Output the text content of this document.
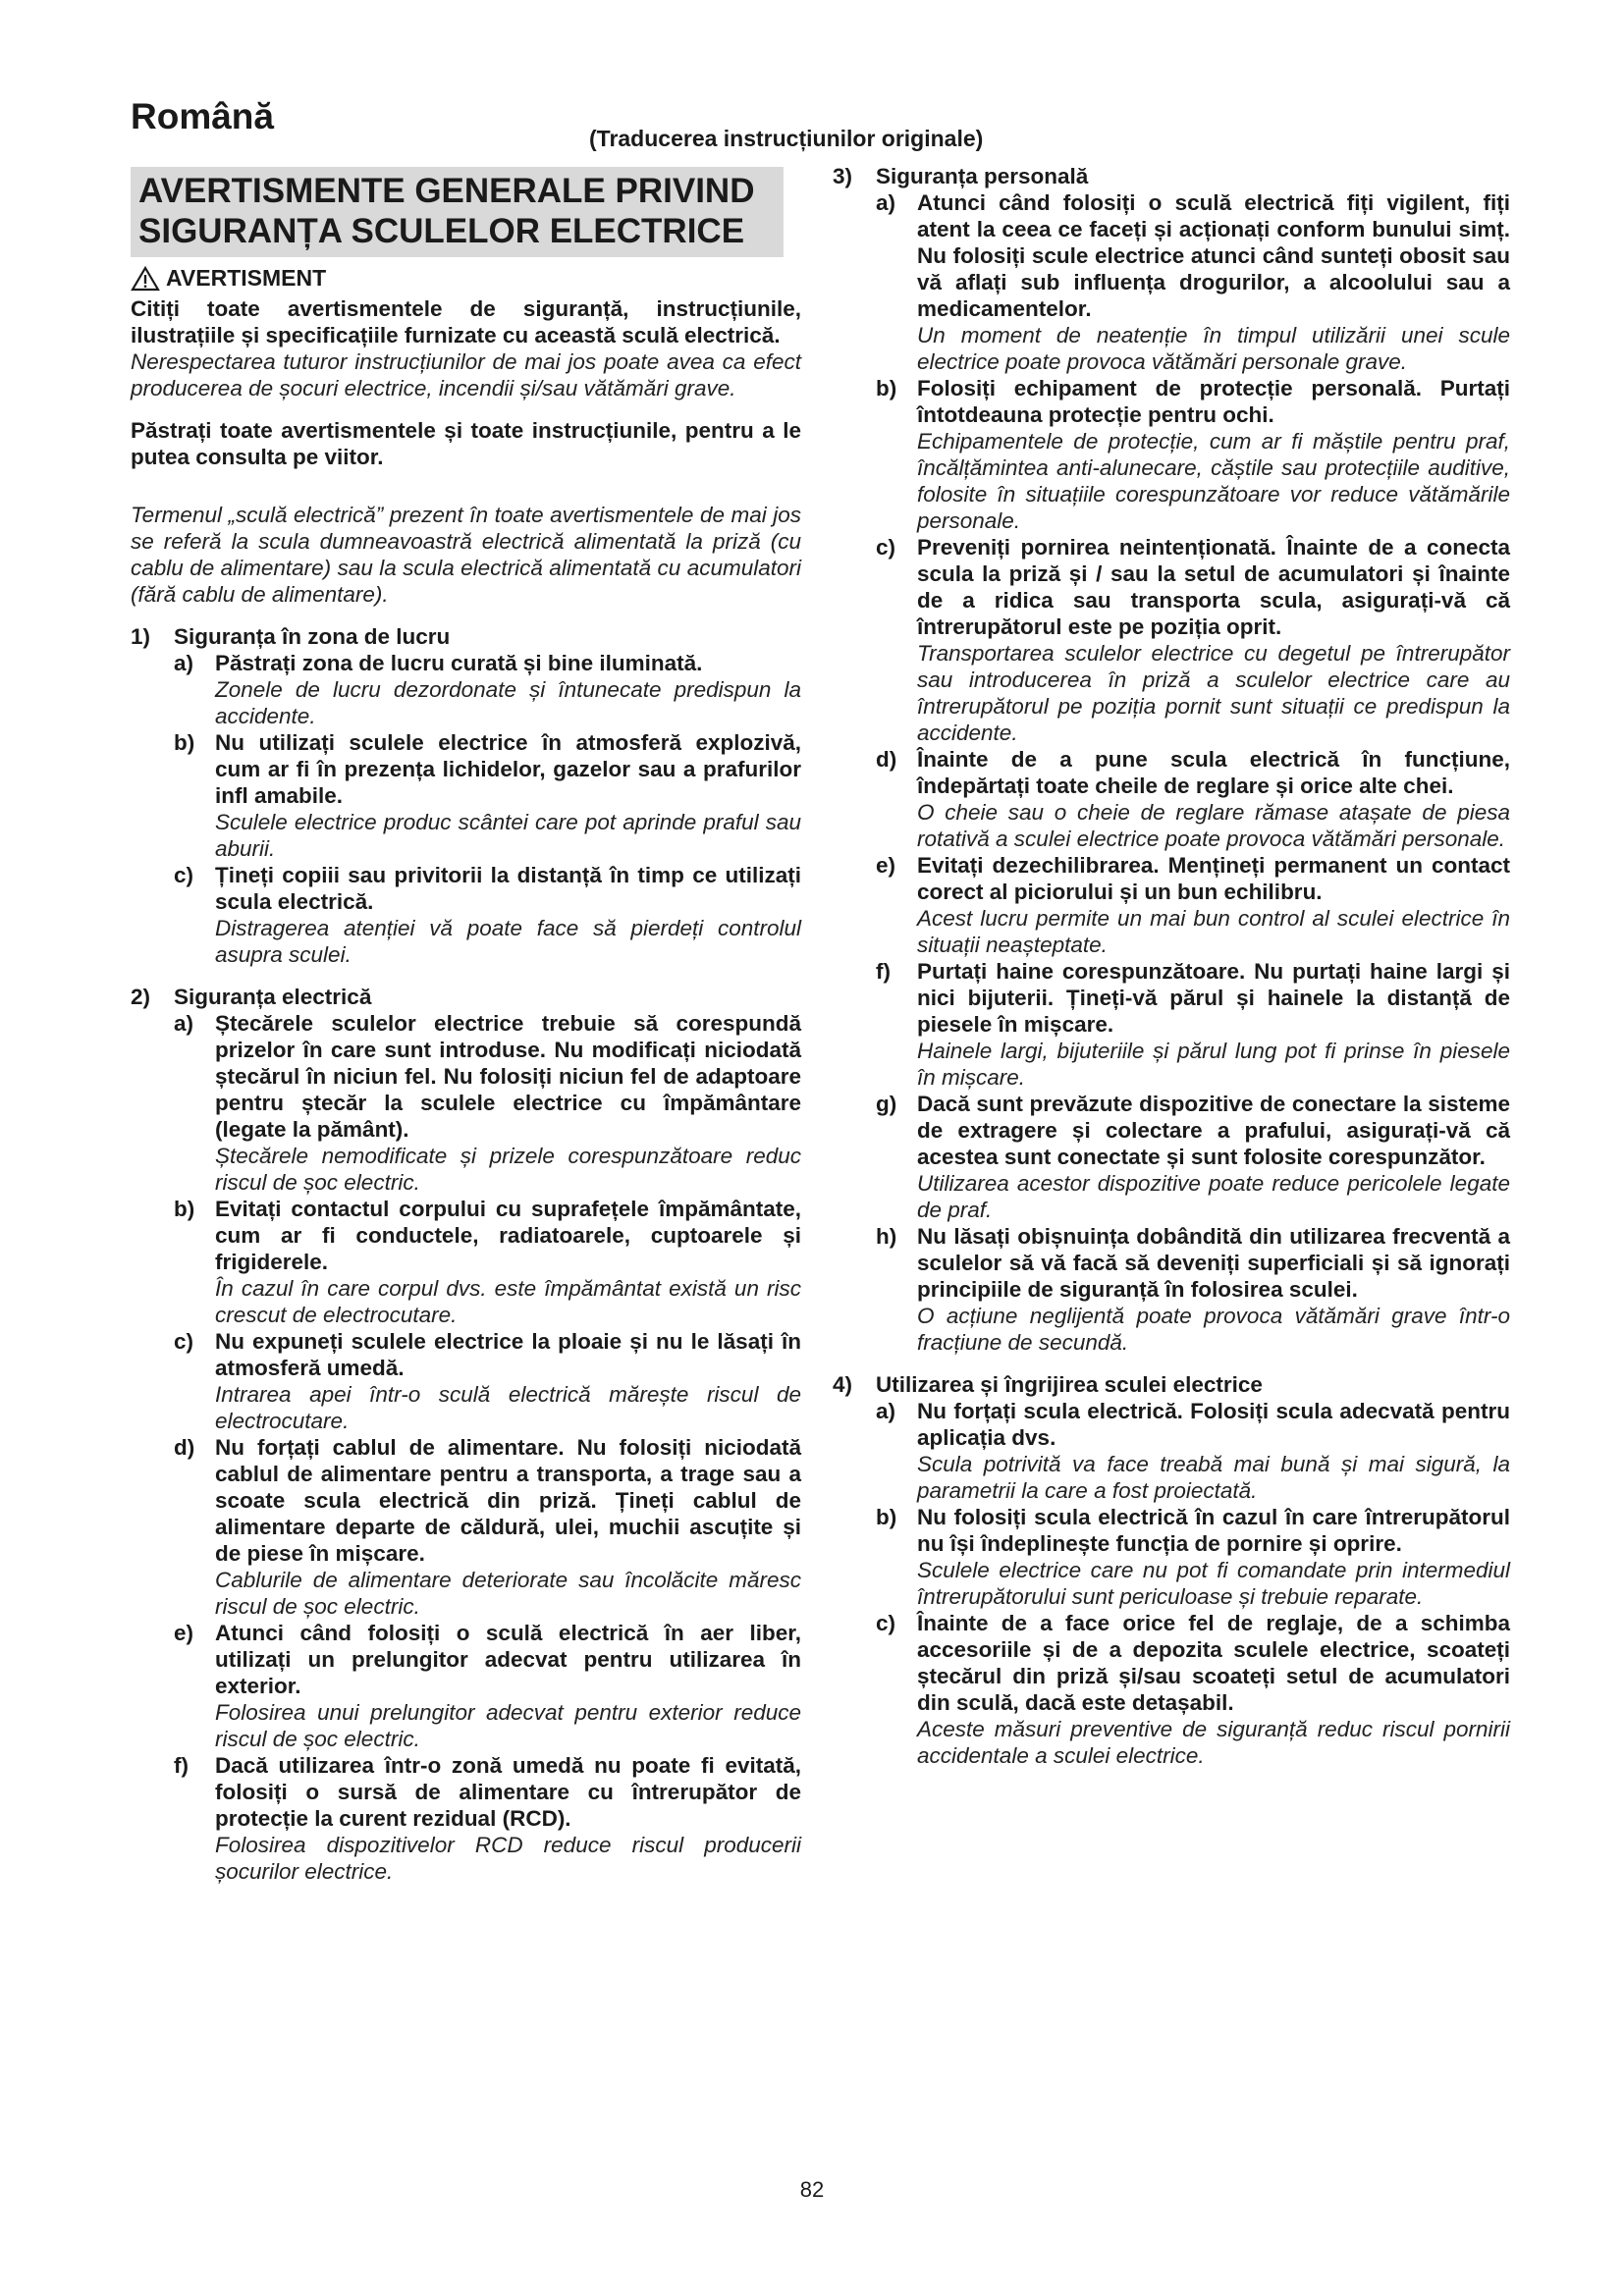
Română
(Traducerea instrucțiunilor originale)
AVERTISMENTE GENERALE PRIVIND
SIGURANȚA SCULELOR ELECTRICE
AVERTISMENT

Citiți toate avertismentele de siguranță, instrucțiunile, ilustrațiile și specificațiile furnizate cu această sculă electrică.

Nerespectarea tuturor instrucțiunilor de mai jos poate avea ca efect producerea de șocuri electrice, incendii și/sau vătămări grave.

Păstrați toate avertismentele și toate instrucțiunile, pentru a le putea consulta pe viitor.

Termenul „sculă electrică” prezent în toate avertismentele de mai jos se referă la scula dumneavoastră electrică alimentată la priză (cu cablu de alimentare) sau la scula electrică alimentată cu acumulatori (fără cablu de alimentare).

1)	Siguranța în zona de lucru
a) Păstrați zona de lucru curată și bine iluminată.

Zonele de lucru dezordonate și întunecate predispun la accidente.

b) Nu utilizați sculele electrice în atmosferă explozivă, cum ar fi în prezența lichidelor, gazelor sau a prafurilor infl amabile.

Sculele electrice produc scântei care pot aprinde praful sau aburii.

c) Țineți copiii sau privitorii la distanță în timp ce utilizați scula electrică.

Distragerea atenției vă poate face să pierdeți controlul asupra sculei.

2)	Siguranța electrică
a) Ștecărele sculelor electrice trebuie să corespundă prizelor în care sunt introduse. Nu modificați niciodată ștecărul în niciun fel. Nu folosiți niciun fel de adaptoare pentru ștecăr la sculele electrice cu împământare (legate la pământ).

Ștecărele nemodificate și prizele corespunzătoare reduc riscul de șoc electric.

b) Evitați contactul corpului cu suprafețele împământate, cum ar fi conductele, radiatoarele, cuptoarele și frigiderele.

În cazul în care corpul dvs. este împământat există un risc crescut de electrocutare.

c) Nu expuneți sculele electrice la ploaie și nu le lăsați în atmosferă umedă.

Intrarea apei într-o sculă electrică mărește riscul de electrocutare.

d) Nu forțați cablul de alimentare. Nu folosiți niciodată cablul de alimentare pentru a transporta, a trage sau a scoate scula electrică din priză. Țineți cablul de alimentare departe de căldură, ulei, muchii ascuțite și de piese în mișcare.

Cablurile de alimentare deteriorate sau încolăcite măresc riscul de șoc electric.

e) Atunci când folosiți o sculă electrică în aer liber, utilizați un prelungitor adecvat pentru utilizarea în exterior.

Folosirea unui prelungitor adecvat pentru exterior reduce riscul de șoc electric.

f)	Dacă utilizarea într-o zonă umedă nu poate fi evitată, folosiți o sursă de alimentare cu întrerupător de protecție la curent rezidual (RCD).

Folosirea dispozitivelor RCD reduce riscul producerii șocurilor electrice.

3)	Siguranța personală
a) Atunci când folosiți o sculă electrică fiți vigilent, fiți atent la ceea ce faceți și acționați conform bunului simț. Nu folosiți scule electrice atunci când sunteți obosit sau vă aflați sub influența drogurilor, a alcoolului sau a medicamentelor.

Un moment de neatenție în timpul utilizării unei scule electrice poate provoca vătămări personale grave.

b) Folosiți echipament de protecție personală. Purtați întotdeauna protecție pentru ochi.

Echipamentele de protecție, cum ar fi măștile pentru praf, încălțămintea anti-alunecare, căștile sau protecțiile auditive, folosite în situațiile corespunzătoare vor reduce vătămările personale.

c) Preveniți pornirea neintenționată. Înainte de a conecta scula la priză și / sau la setul de acumulatori și înainte de a ridica sau transporta scula, asigurați-vă că întrerupătorul este pe poziția oprit.

Transportarea sculelor electrice cu degetul pe întrerupător sau introducerea în priză a sculelor electrice care au întrerupătorul pe poziția pornit sunt situații ce predispun la accidente.

d) Înainte de a pune scula electrică în funcțiune, îndepărtați toate cheile de reglare și orice alte chei.

O cheie sau o cheie de reglare rămase atașate de piesa rotativă a sculei electrice poate provoca vătămări personale.

e) Evitați dezechilibrarea. Mențineți permanent un contact corect al piciorului și un bun echilibru.

Acest lucru permite un mai bun control al sculei electrice în situații neașteptate.

f)	Purtați haine corespunzătoare. Nu purtați haine largi și nici bijuterii. Țineți-vă părul și hainele la distanță de piesele în mișcare.

Hainele largi, bijuteriile și părul lung pot fi prinse în piesele în mișcare.

g) Dacă sunt prevăzute dispozitive de conectare la sisteme de extragere și colectare a prafului, asigurați-vă că acestea sunt conectate și sunt folosite corespunzător.

Utilizarea acestor dispozitive poate reduce pericolele legate de praf.

h) Nu lăsați obișnuința dobândită din utilizarea frecventă a sculelor să vă facă să deveniți superficiali și să ignorați principiile de siguranță în folosirea sculei.

O acțiune neglijentă poate provoca vătămări grave într-o fracțiune de secundă.

4)	Utilizarea și îngrijirea sculei electrice
a) Nu forțați scula electrică. Folosiți scula adecvată pentru aplicația dvs.

Scula potrivită va face treabă mai bună și mai sigură, la parametrii la care a fost proiectată.

b) Nu folosiți scula electrică în cazul în care întrerupătorul nu își îndeplinește funcția de pornire și oprire.

Sculele electrice care nu pot fi comandate prin intermediul întrerupătorului sunt periculoase și trebuie reparate.

c) Înainte de a face orice fel de reglaje, de a schimba accesoriile și de a depozita sculele electrice, scoateți ștecărul din priză și/sau scoateți setul de acumulatori din sculă, dacă este detașabil.

Aceste măsuri preventive de siguranță reduc riscul pornirii accidentale a sculei electrice.

82
